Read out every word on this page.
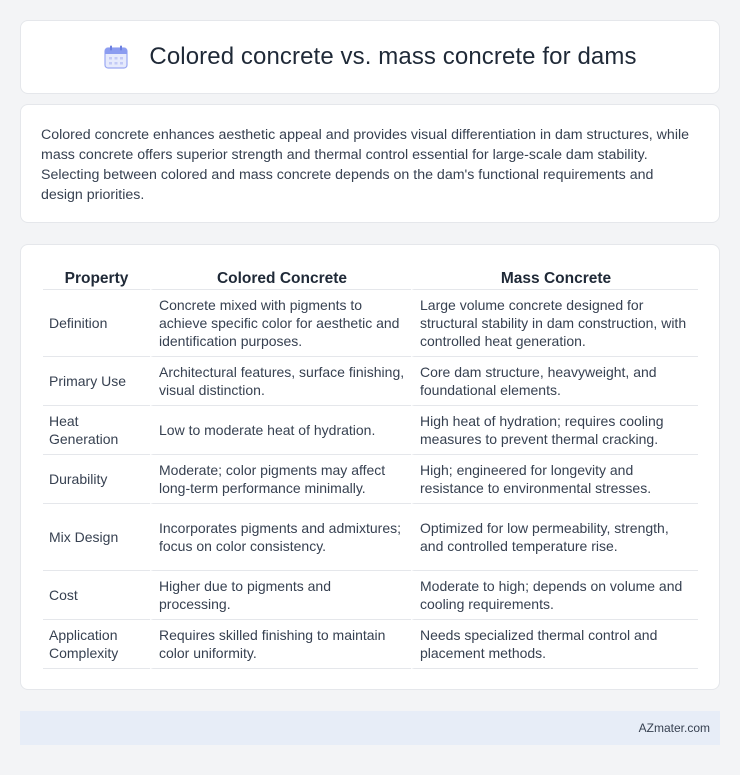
Colored concrete vs. mass concrete for dams

Colored concrete enhances aesthetic appeal and provides visual differentiation in dam structures, while mass concrete offers superior strength and thermal control essential for large-scale dam stability. Selecting between colored and mass concrete depends on the dam's functional requirements and design priorities.

Property	Colored Concrete	Mass Concrete
Definition	Concrete mixed with pigments to achieve specific color for aesthetic and identification purposes.	Large volume concrete designed for structural stability in dam construction, with controlled heat generation.
Primary Use	Architectural features, surface finishing, visual distinction.	Core dam structure, heavyweight, and foundational elements.
Heat Generation	Low to moderate heat of hydration.	High heat of hydration; requires cooling measures to prevent thermal cracking.
Durability	Moderate; color pigments may affect long-term performance minimally.	High; engineered for longevity and resistance to environmental stresses.
Mix Design	Incorporates pigments and admixtures; focus on color consistency.	Optimized for low permeability, strength, and controlled temperature rise.
Cost	Higher due to pigments and processing.	Moderate to high; depends on volume and cooling requirements.
Application Complexity	Requires skilled finishing to maintain color uniformity.	Needs specialized thermal control and placement methods.
AZmater.com
